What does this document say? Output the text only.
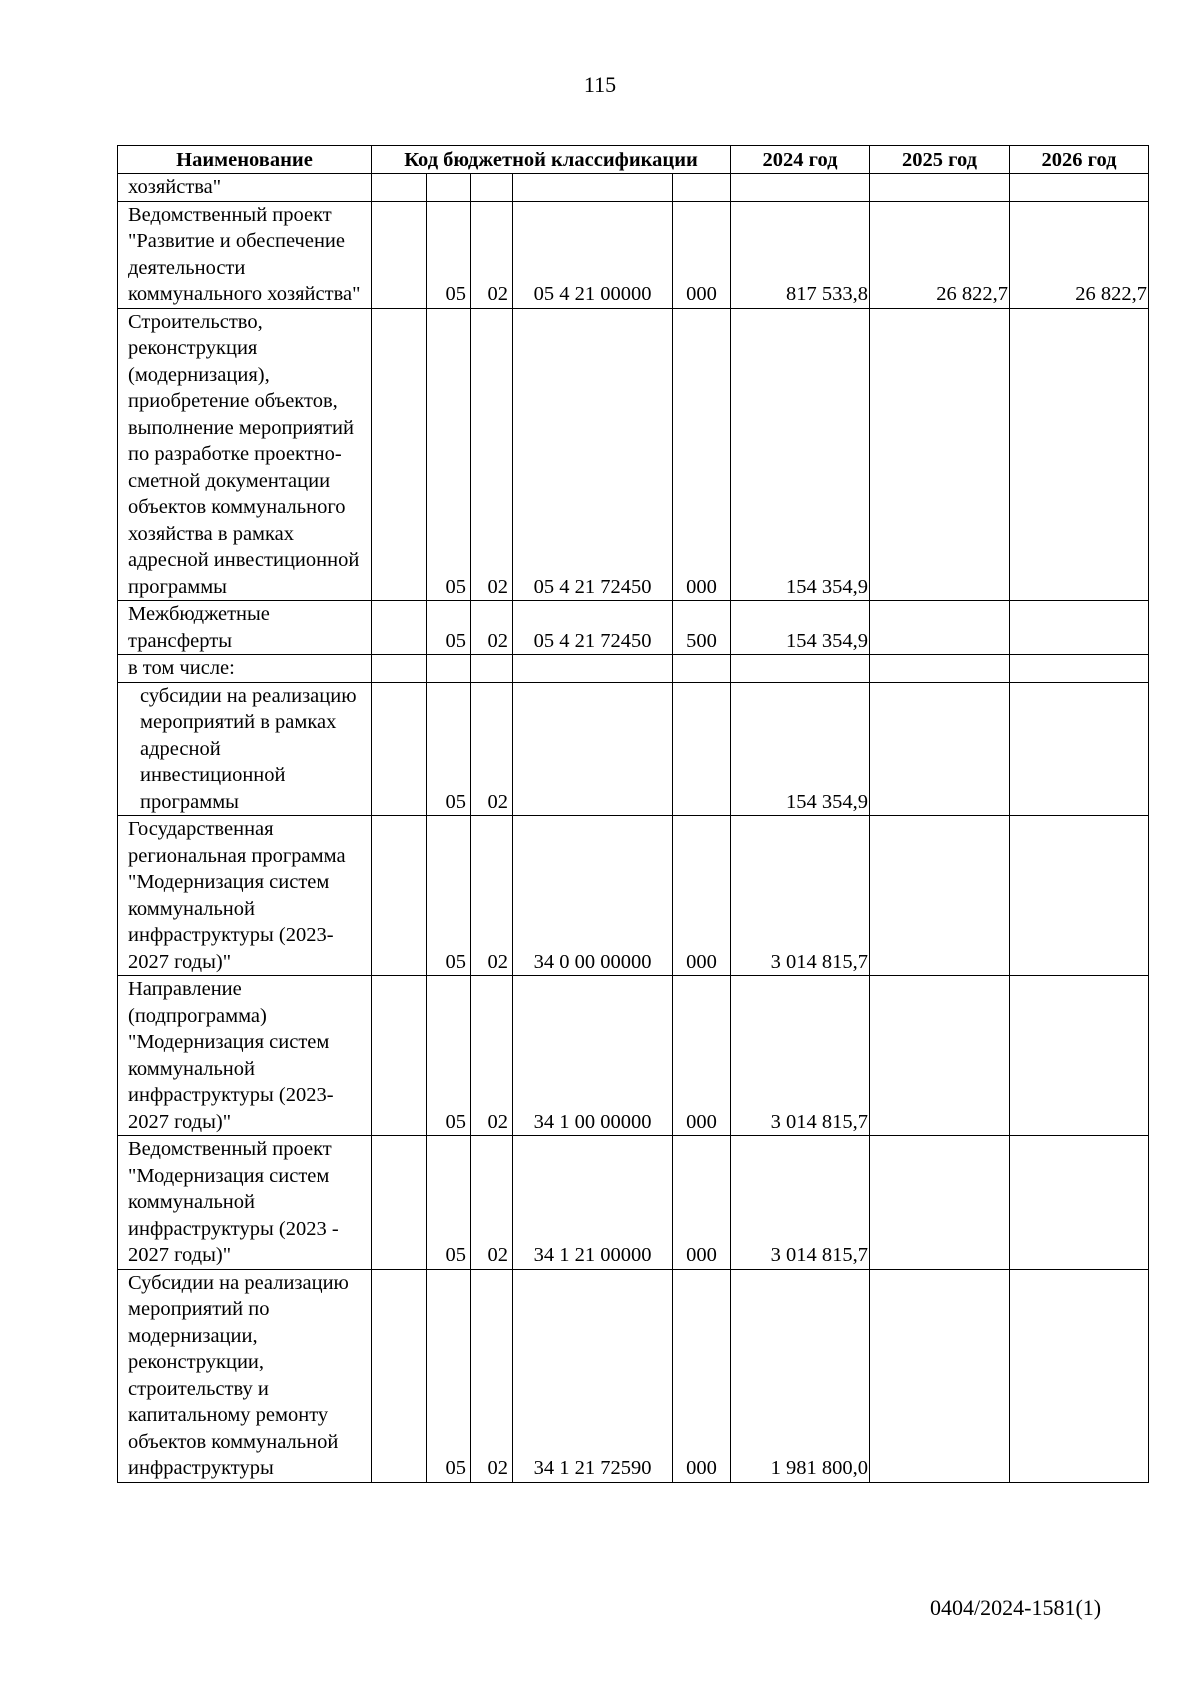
115
Наименование	Код бюджетной классификации					2024 год	2025 год	2026 год
хозяйства"								
Ведомственный проект "Развитие и обеспечение деятельности коммунального хозяйства"		05	02	05 4 21 00000	000	817 533,8	26 822,7	26 822,7
Строительство, реконструкция (модернизация), приобретение объектов, выполнение мероприятий по разработке проектно-сметной документации объектов коммунального хозяйства в рамках адресной инвестиционной программы		05	02	05 4 21 72450	000	154 354,9		
Межбюджетные трансферты		05	02	05 4 21 72450	500	154 354,9		
в том числе:								
субсидии на реализацию мероприятий в рамках адресной инвестиционной программы		05	02			154 354,9		
Государственная региональная программа "Модернизация систем коммунальной инфраструктуры (2023-2027 годы)"		05	02	34 0 00 00000	000	3 014 815,7		
Направление (подпрограмма) "Модернизация систем коммунальной инфраструктуры (2023-2027 годы)"		05	02	34 1 00 00000	000	3 014 815,7		
Ведомственный проект "Модернизация систем коммунальной инфраструктуры (2023 - 2027 годы)"		05	02	34 1 21 00000	000	3 014 815,7		
Субсидии на реализацию мероприятий по модернизации, реконструкции, строительству и капитальному ремонту объектов коммунальной инфраструктуры		05	02	34 1 21 72590	000	1 981 800,0		
0404/2024-1581(1)
